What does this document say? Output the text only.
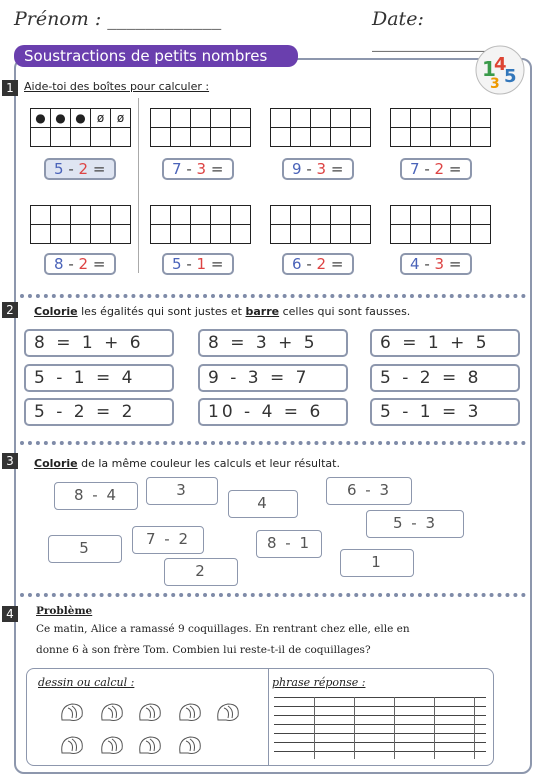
Prénom : ____________	Date: ____________
Soustractions de petits nombres
1
4
5
3
1 Aide-toi des boîtes pour calculer :
●	●	●	ø	ø

5 - 2 =	7 - 3 =	9 - 3 =	7 - 2 =

8 - 2 =	5 - 1 =	6 - 2 =	4 - 3 =
2	Colorie les égalités qui sont justes et barre celles qui sont fausses.
8 = 1 + 6	8 = 3 + 5	6 = 1 + 5
5 - 1 = 4	9 - 3 = 7	5 - 2 = 8
5 - 2 = 2	10 - 4 = 6	5 - 1 = 3
3	Colorie de la même couleur les calculs et leur résultat.
8 - 4	3	6 - 3
4
5 - 3
7 - 2
5	8 - 1
2	1
4	Problème
Ce matin, Alice a ramassé 9 coquillages. En rentrant chez elle, elle en
donne 6 à son frère Tom. Combien lui reste-t-il de coquillages?
dessin ou calcul :	phrase réponse :
